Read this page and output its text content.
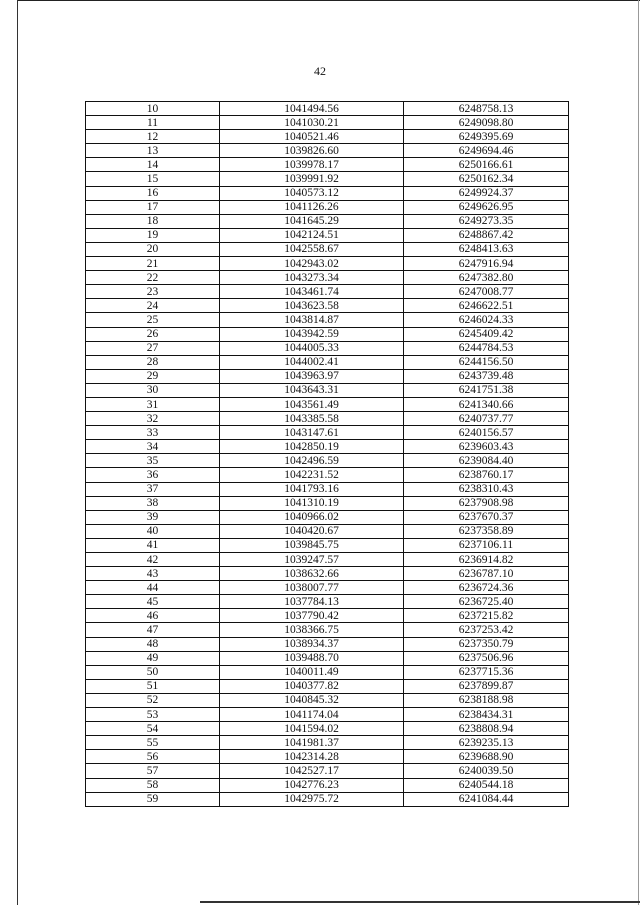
42
10	1041494.56	6248758.13
11	1041030.21	6249098.80
12	1040521.46	6249395.69
13	1039826.60	6249694.46
14	1039978.17	6250166.61
15	1039991.92	6250162.34
16	1040573.12	6249924.37
17	1041126.26	6249626.95
18	1041645.29	6249273.35
19	1042124.51	6248867.42
20	1042558.67	6248413.63
21	1042943.02	6247916.94
22	1043273.34	6247382.80
23	1043461.74	6247008.77
24	1043623.58	6246622.51
25	1043814.87	6246024.33
26	1043942.59	6245409.42
27	1044005.33	6244784.53
28	1044002.41	6244156.50
29	1043963.97	6243739.48
30	1043643.31	6241751.38
31	1043561.49	6241340.66
32	1043385.58	6240737.77
33	1043147.61	6240156.57
34	1042850.19	6239603.43
35	1042496.59	6239084.40
36	1042231.52	6238760.17
37	1041793.16	6238310.43
38	1041310.19	6237908.98
39	1040966.02	6237670.37
40	1040420.67	6237358.89
41	1039845.75	6237106.11
42	1039247.57	6236914.82
43	1038632.66	6236787.10
44	1038007.77	6236724.36
45	1037784.13	6236725.40
46	1037790.42	6237215.82
47	1038366.75	6237253.42
48	1038934.37	6237350.79
49	1039488.70	6237506.96
50	1040011.49	6237715.36
51	1040377.82	6237899.87
52	1040845.32	6238188.98
53	1041174.04	6238434.31
54	1041594.02	6238808.94
55	1041981.37	6239235.13
56	1042314.28	6239688.90
57	1042527.17	6240039.50
58	1042776.23	6240544.18
59	1042975.72	6241084.44
